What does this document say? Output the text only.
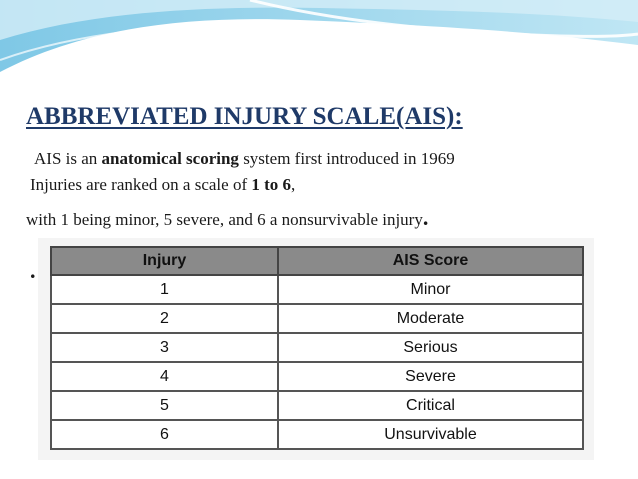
ABBREVIATED INJURY SCALE(AIS):
AIS is an anatomical scoring system first introduced in 1969
Injuries are ranked on a scale of 1 to 6,
with 1 being minor, 5 severe, and 6 a nonsurvivable injury.
.	Injury	AIS Score
1	Minor
2	Moderate
3	Serious
4	Severe
5	Critical
6	Unsurvivable
